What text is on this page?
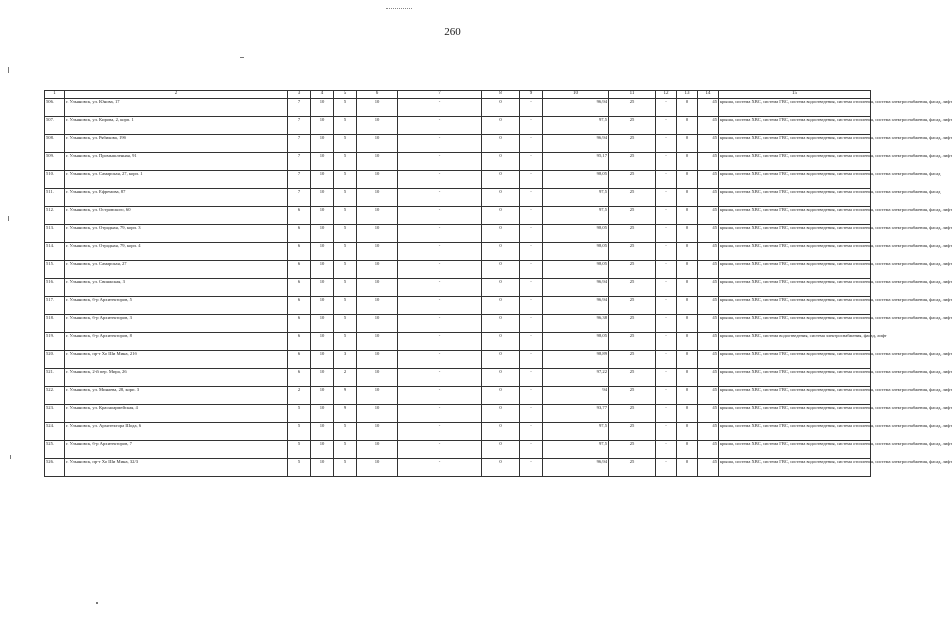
260
1	2	3	4	5	6	7	8	9	10	11	12	13	14	15
506.	г. Ульяновск, ул. Юнова, 17	7	10	5	10	-	0	-	96,94	25	-	0	45	крыша, система ХВС, система ГВС, система водоотведения, система отопления, система электроснабжения, фасад, лифт
507.	г. Ульяновск, ул. Кирова, 2, корп. 1	7	10	5	10	-	0	-	97,5	25	-	0	45	крыша, система ХВС, система ГВС, система водоотведения, система отопления, система электроснабжения, фасад, лифт
508.	г. Ульяновск, ул. Рябикова, 19б	7	10	5	10	-	0	-	96,94	25	-	0	45	крыша, система ХВС, система ГВС, система водоотведения, система отопления, система электроснабжения, фасад, лифт
509.	г. Ульяновск, ул. Промышленная, 91	7	10	5	10	-	0	-	95,17	25	-	0	45	крыша, система ХВС, система ГВС, система водоотведения, система отопления, система электроснабжения, фасад, лифт
510.	г. Ульяновск, ул. Самарская, 27, корп. 1	7	10	5	10	-	0	-	98,05	25	-	0	45	крыша, система ХВС, система ГВС, система водоотведения, система отопления, система электроснабжения, фасад
511.	г. Ульяновск, ул. Ефремова, 87	7	10	5	10	-	0	-	97,5	25	-	0	45	крыша, система ХВС, система ГВС, система водоотведения, система отопления, система электроснабжения, фасад
512.	г. Ульяновск, ул. Островского, 60	6	10	5	10	-	0	-	97,5	25	-	0	45	крыша, система ХВС, система ГВС, система водоотведения, система отопления, система электроснабжения, фасад, лифт
513.	г. Ульяновск, ул. Отрадная, 79, корп. 3	6	10	5	10	-	0	-	98,05	25	-	0	45	крыша, система ХВС, система ГВС, система водоотведения, система отопления, система электроснабжения, фасад, лифт
514.	г. Ульяновск, ул. Отрадная, 79, корп. 4	6	10	5	10	-	0	-	98,05	25	-	0	45	крыша, система ХВС, система ГВС, система водоотведения, система отопления, система электроснабжения, фасад, лифт
515.	г. Ульяновск, ул. Самарская, 27	6	10	5	10	-	0	-	98,05	25	-	0	45	крыша, система ХВС, система ГВС, система водоотведения, система отопления, система электроснабжения, фасад, лифт
516.	г. Ульяновск, ул. Свияжская, 3	6	10	5	10	-	0	-	96,94	25	-	0	45	крыша, система ХВС, система ГВС, система водоотведения, система отопления, система электроснабжения, фасад, лифт
517.	г. Ульяновск, б-р Архитекторов, 5	6	10	5	10	-	0	-	96,94	25	-	0	45	крыша, система ХВС, система ГВС, система водоотведения, система отопления, система электроснабжения, фасад, лифт
518.	г. Ульяновск, б-р Архитекторов, 3	6	10	5	10	-	0	-	96,38	25	-	0	45	крыша, система ХВС, система ГВС, система водоотведения, система отопления, система электроснабжения, фасад, лифт
519.	г. Ульяновск, б-р Архитекторов, 8	6	10	5	10	-	0	-	98,05	25	-	0	45	крыша, система ХВС, система водоотведения, система электроснабжения, фасад, лифт
520.	г. Ульяновск, пр-т Хо Ши Мина, 21б	6	10	3	10	-	0	-	98,89	25	-	0	45	крыша, система ХВС, система ГВС, система водоотведения, система отопления, система электроснабжения, фасад, лифт
521.	г. Ульяновск, 2-й пер. Мира, 26	6	10	2	10	-	0	-	97,22	25	-	0	45	крыша, система ХВС, система ГВС, система водоотведения, система отопления, система электроснабжения, фасад, лифт
522.	г. Ульяновск, ул. Минаева, 28, корп. 3	2	10	9	10	-	0	-	94	25	-	0	45	крыша, система ХВС, система ГВС, система водоотведения, система отопления, система электроснабжения, фасад, лифт
523.	г. Ульяновск, ул. Красноармейская, 4	5	10	9	10	-	0	-	93,77	25	-	0	45	крыша, система ХВС, система ГВС, система водоотведения, система отопления, система электроснабжения, фасад, лифт
524.	г. Ульяновск, ул. Архитектора Шода, 6	5	10	5	10	-	0	-	97,5	25	-	0	45	крыша, система ХВС, система ГВС, система водоотведения, система отопления, система электроснабжения, фасад, лифт
525.	г. Ульяновск, б-р Архитекторов, 7	5	10	5	10	-	0	-	97,5	25	-	0	45	крыша, система ХВС, система ГВС, система водоотведения, система отопления, система электроснабжения, фасад, лифт
526.	г. Ульяновск, пр-т Хо Ши Мина, 32/3	5	10	5	10	-	0	-	96,94	25	-	0	45	крыша, система ХВС, система ГВС, система водоотведения, система отопления, система электроснабжения, фасад, лифт
